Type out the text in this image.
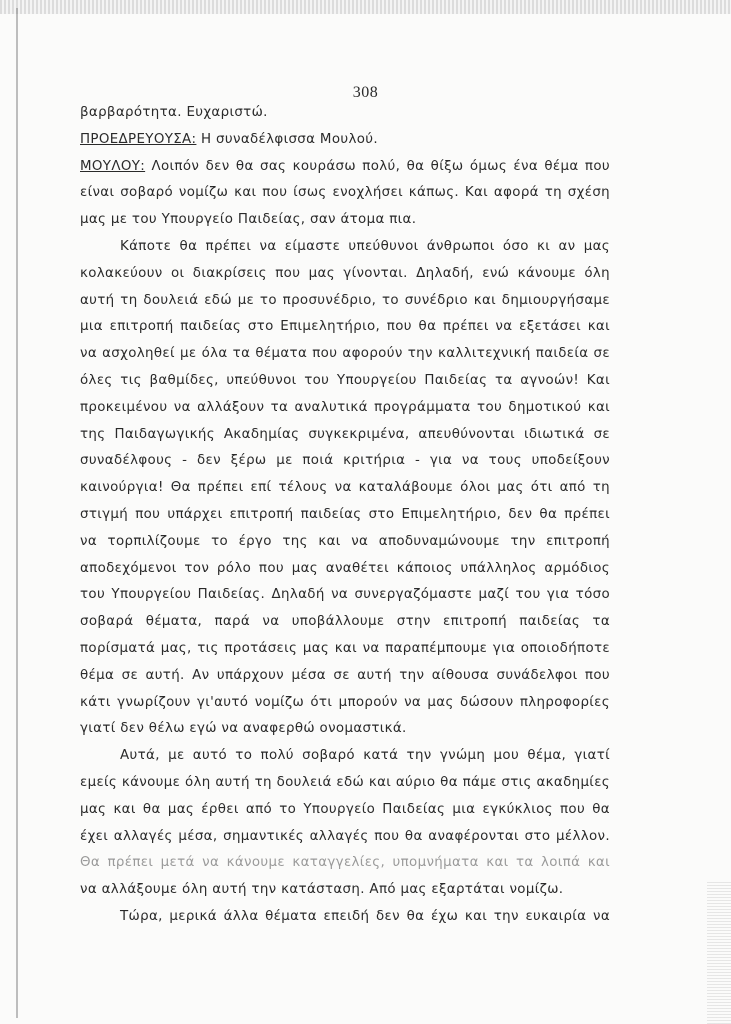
308
βαρβαρότητα. Ευχαριστώ.
ΠΡΟΕΔΡΕΥΟΥΣΑ: Η συναδέλφισσα Μουλού.
ΜΟΥΛΟΥ: Λοιπόν δεν θα σας κουράσω πολύ, θα θίξω όμως ένα θέμα που
είναι σοβαρό νομίζω και που ίσως ενοχλήσει κάπως. Και αφορά τη σχέση
μας με του Υπουργείο Παιδείας, σαν άτομα πια.
Κάποτε θα πρέπει να είμαστε υπεύθυνοι άνθρωποι όσο κι αν μας
κολακεύουν οι διακρίσεις που μας γίνονται. Δηλαδή, ενώ κάνουμε όλη
αυτή τη δουλειά εδώ με το προσυνέδριο, το συνέδριο και δημιουργήσαμε
μια επιτροπή παιδείας στο Επιμελητήριο, που θα πρέπει να εξετάσει και
να ασχοληθεί με όλα τα θέματα που αφορούν την καλλιτεχνική παιδεία σε
όλες τις βαθμίδες, υπεύθυνοι του Υπουργείου Παιδείας τα αγνοών! Και
προκειμένου να αλλάξουν τα αναλυτικά προγράμματα του δημοτικού και
της Παιδαγωγικής Ακαδημίας συγκεκριμένα, απευθύνονται ιδιωτικά σε
συναδέλφους - δεν ξέρω με ποιά κριτήρια - για να τους υποδείξουν
καινούργια! Θα πρέπει επί τέλους να καταλάβουμε όλοι μας ότι από τη
στιγμή που υπάρχει επιτροπή παιδείας στο Επιμελητήριο, δεν θα πρέπει
να τορπιλίζουμε το έργο της και να αποδυναμώνουμε την επιτροπή
αποδεχόμενοι τον ρόλο που μας αναθέτει κάποιος υπάλληλος αρμόδιος
του Υπουργείου Παιδείας. Δηλαδή να συνεργαζόμαστε μαζί του για τόσο
σοβαρά θέματα, παρά να υποβάλλουμε στην επιτροπή παιδείας τα
πορίσματά μας, τις προτάσεις μας και να παραπέμπουμε για οποιοδήποτε
θέμα σε αυτή. Αν υπάρχουν μέσα σε αυτή την αίθουσα συνάδελφοι που
κάτι γνωρίζουν γι'αυτό νομίζω ότι μπορούν να μας δώσουν πληροφορίες
γιατί δεν θέλω εγώ να αναφερθώ ονομαστικά.
Αυτά, με αυτό το πολύ σοβαρό κατά την γνώμη μου θέμα, γιατί
εμείς κάνουμε όλη αυτή τη δουλειά εδώ και αύριο θα πάμε στις ακαδημίες
μας και θα μας έρθει από το Υπουργείο Παιδείας μια εγκύκλιος που θα
έχει αλλαγές μέσα, σημαντικές αλλαγές που θα αναφέρονται στο μέλλον.
Θα πρέπει μετά να κάνουμε καταγγελίες, υπομνήματα και τα λοιπά και
να αλλάξουμε όλη αυτή την κατάσταση. Από μας εξαρτάται νομίζω.
Τώρα, μερικά άλλα θέματα επειδή δεν θα έχω και την ευκαιρία να
